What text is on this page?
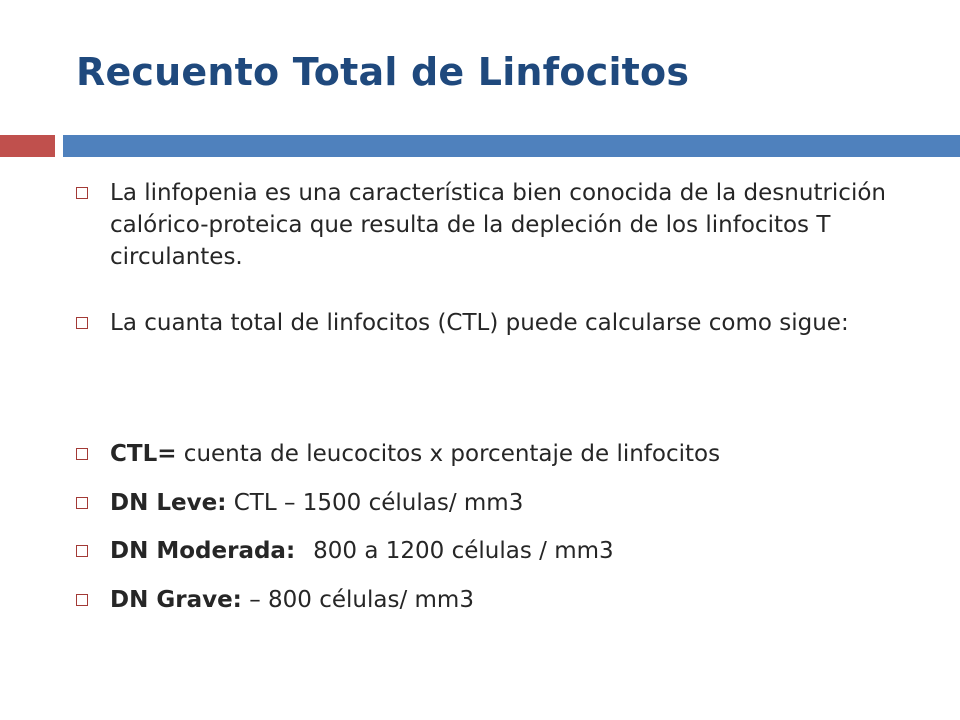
Recuento Total de Linfocitos
La linfopenia es una característica bien conocida de la desnutrición calórico-proteica que resulta de la depleción de los linfocitos T circulantes.
La cuanta total de linfocitos (CTL) puede calcularse como sigue:
CTL= cuenta de leucocitos x porcentaje de linfocitos
DN Leve: CTL – 1500 células/ mm3
DN Moderada: 800 a 1200 células / mm3
DN Grave: – 800 células/ mm3
